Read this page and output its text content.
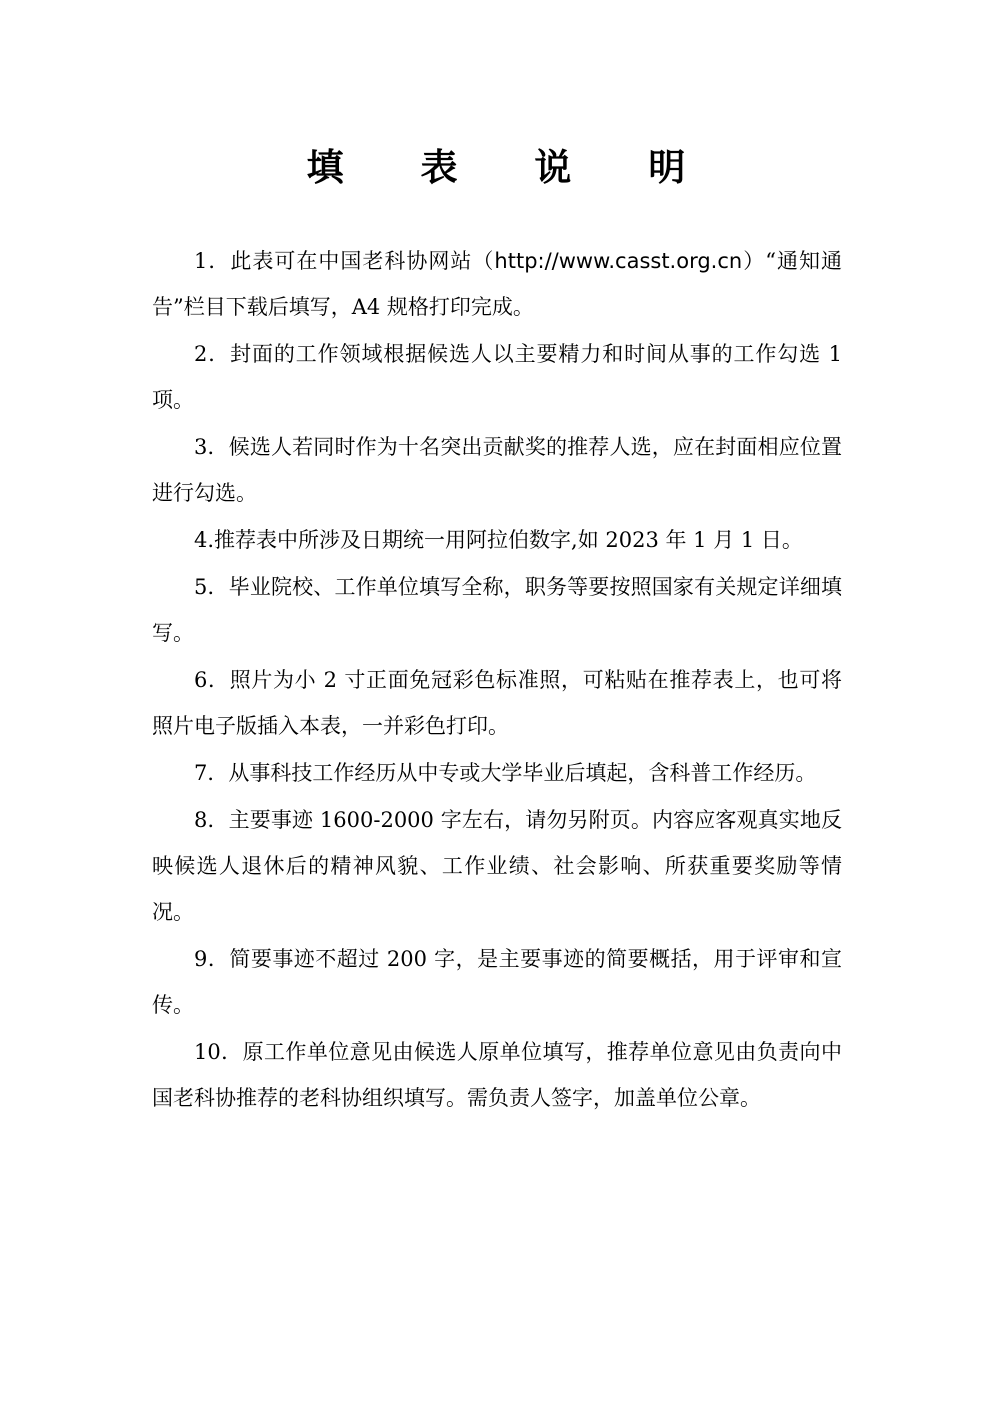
填 表 说 明

1．此表可在中国老科协网站（http://www.casst.org.cn）“通知通告”栏目下载后填写，A4 规格打印完成。

2．封面的工作领域根据候选人以主要精力和时间从事的工作勾选 1 项。

3．候选人若同时作为十名突出贡献奖的推荐人选，应在封面相应位置进行勾选。

4.推荐表中所涉及日期统一用阿拉伯数字,如 2023 年 1 月 1 日。

5．毕业院校、工作单位填写全称，职务等要按照国家有关规定详细填写。

6．照片为小 2 寸正面免冠彩色标准照，可粘贴在推荐表上，也可将照片电子版插入本表，一并彩色打印。

7．从事科技工作经历从中专或大学毕业后填起，含科普工作经历。

8．主要事迹 1600-2000 字左右，请勿另附页。内容应客观真实地反映候选人退休后的精神风貌、工作业绩、社会影响、所获重要奖励等情况。

9．简要事迹不超过 200 字，是主要事迹的简要概括，用于评审和宣传。

10．原工作单位意见由候选人原单位填写，推荐单位意见由负责向中国老科协推荐的老科协组织填写。需负责人签字，加盖单位公章。
